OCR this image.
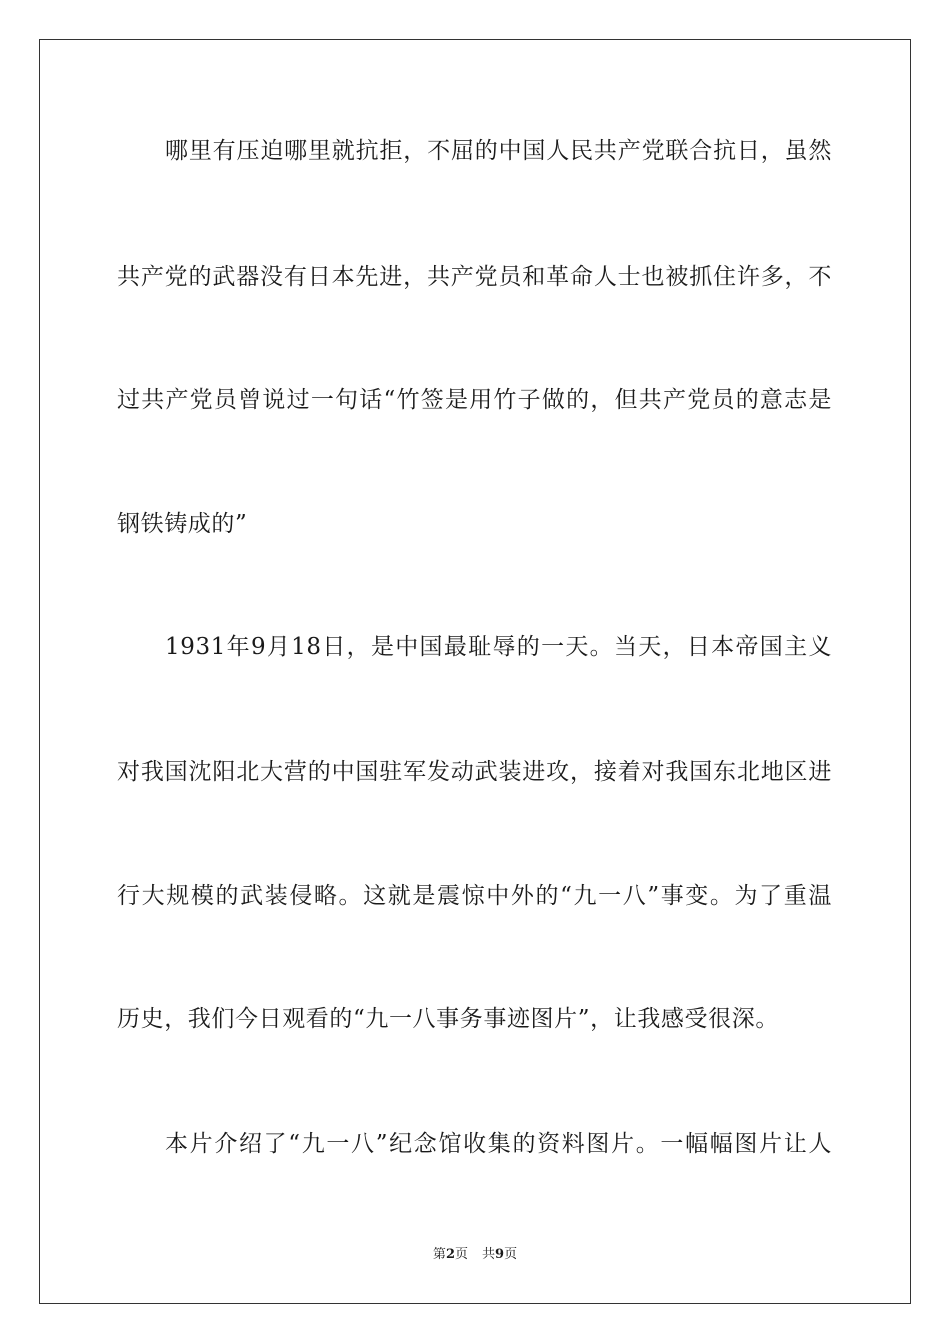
哪里有压迫哪里就抗拒，不屈的中国人民共产党联合抗日，虽然
共产党的武器没有日本先进，共产党员和革命人士也被抓住许多，不
过共产党员曾说过一句话“竹签是用竹子做的，但共产党员的意志是
钢铁铸成的”
1931年9月18日，是中国最耻辱的一天。当天，日本帝国主义
对我国沈阳北大营的中国驻军发动武装进攻，接着对我国东北地区进
行大规模的武装侵略。这就是震惊中外的“九一八”事变。为了重温
历史，我们今日观看的“九一八事务事迹图片”，让我感受很深。
本片介绍了“九一八”纪念馆收集的资料图片。一幅幅图片让人
第2页 共9页
